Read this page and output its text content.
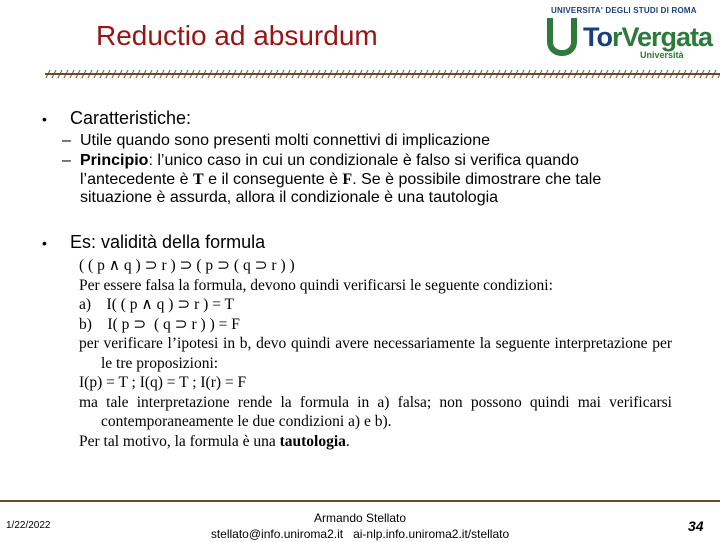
Reductio ad absurdum
UNIVERSITA' DEGLI STUDI DI ROMA
TorVergata
Università
• Caratteristiche:
– Utile quando sono presenti molti connettivi di implicazione
– Principio: l’unico caso in cui un condizionale è falso si verifica quando l’antecedente è T e il conseguente è F. Se è possibile dimostrare che tale situazione è assurda, allora il condizionale è una tautologia
• Es: validità della formula

( ( p ∧ q ) ⊃ r ) ⊃ ( p ⊃ ( q ⊃ r ) )

Per essere falsa la formula, devono quindi verificarsi le seguente condizioni:

a)    I( ( p ∧ q ) ⊃ r ) = T

b)    I( p ⊃  ( q ⊃ r ) ) = F

per verificare l’ipotesi in b, devo quindi avere necessariamente la seguente interpretazione per le tre proposizioni:

I(p) = T ; I(q) = T ; I(r) = F

ma tale interpretazione rende la formula in a) falsa; non possono quindi mai verificarsi contemporaneamente le due condizioni a) e b).

Per tal motivo, la formula è una tautologia.

1/22/2022
Armando Stellato
stellato@info.uniroma2.it   ai-nlp.info.uniroma2.it/stellato	34
